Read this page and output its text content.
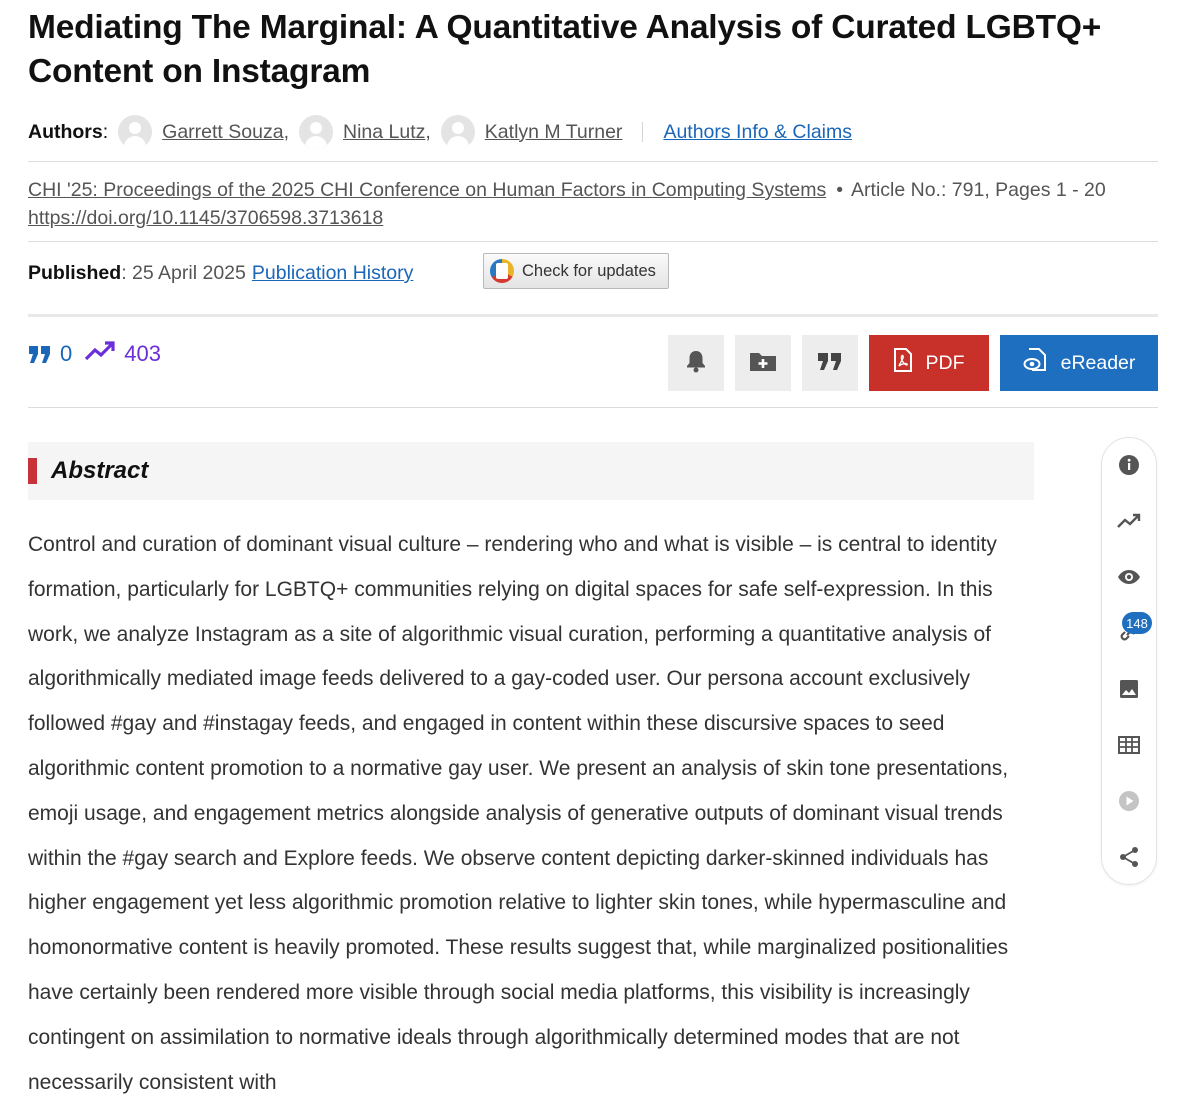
Mediating The Marginal: A Quantitative Analysis of Curated LGBTQ+ Content on Instagram
Authors:	Garrett Souza ,	Nina Lutz ,	Katlyn M Turner Authors Info & Claims
CHI '25: Proceedings of the 2025 CHI Conference on Human Factors in Computing Systems • Article No.: 791, Pages 1 - 20
https://doi.org/10.1145/3706598.3713618
Published : 25 April 2025 Publication History	Check for updates
0 403	PDF	eReader
Abstract

Control and curation of dominant visual culture – rendering who and what is visible – is central to identity formation, particularly for LGBTQ+ communities relying on digital spaces for safe self-expression. In this work, we analyze Instagram as a site of algorithmic visual curation, performing a quantitative analysis of algorithmically mediated image feeds delivered to a gay-coded user. Our persona account exclusively followed #gay and #instagay feeds, and engaged in content within these discursive spaces to seed algorithmic content promotion to a normative gay user. We present an analysis of skin tone presentations, emoji usage, and engagement metrics alongside analysis of generative outputs of dominant visual trends within the #gay search and Explore feeds. We observe content depicting darker-skinned individuals has higher engagement yet less algorithmic promotion relative to lighter skin tones, while hypermasculine and homonormative content is heavily promoted. These results suggest that, while marginalized positionalities have certainly been rendered more visible through social media platforms, this visibility is increasingly contingent on assimilation to normative ideals through algorithmically determined modes that are not necessarily consistent with

148
